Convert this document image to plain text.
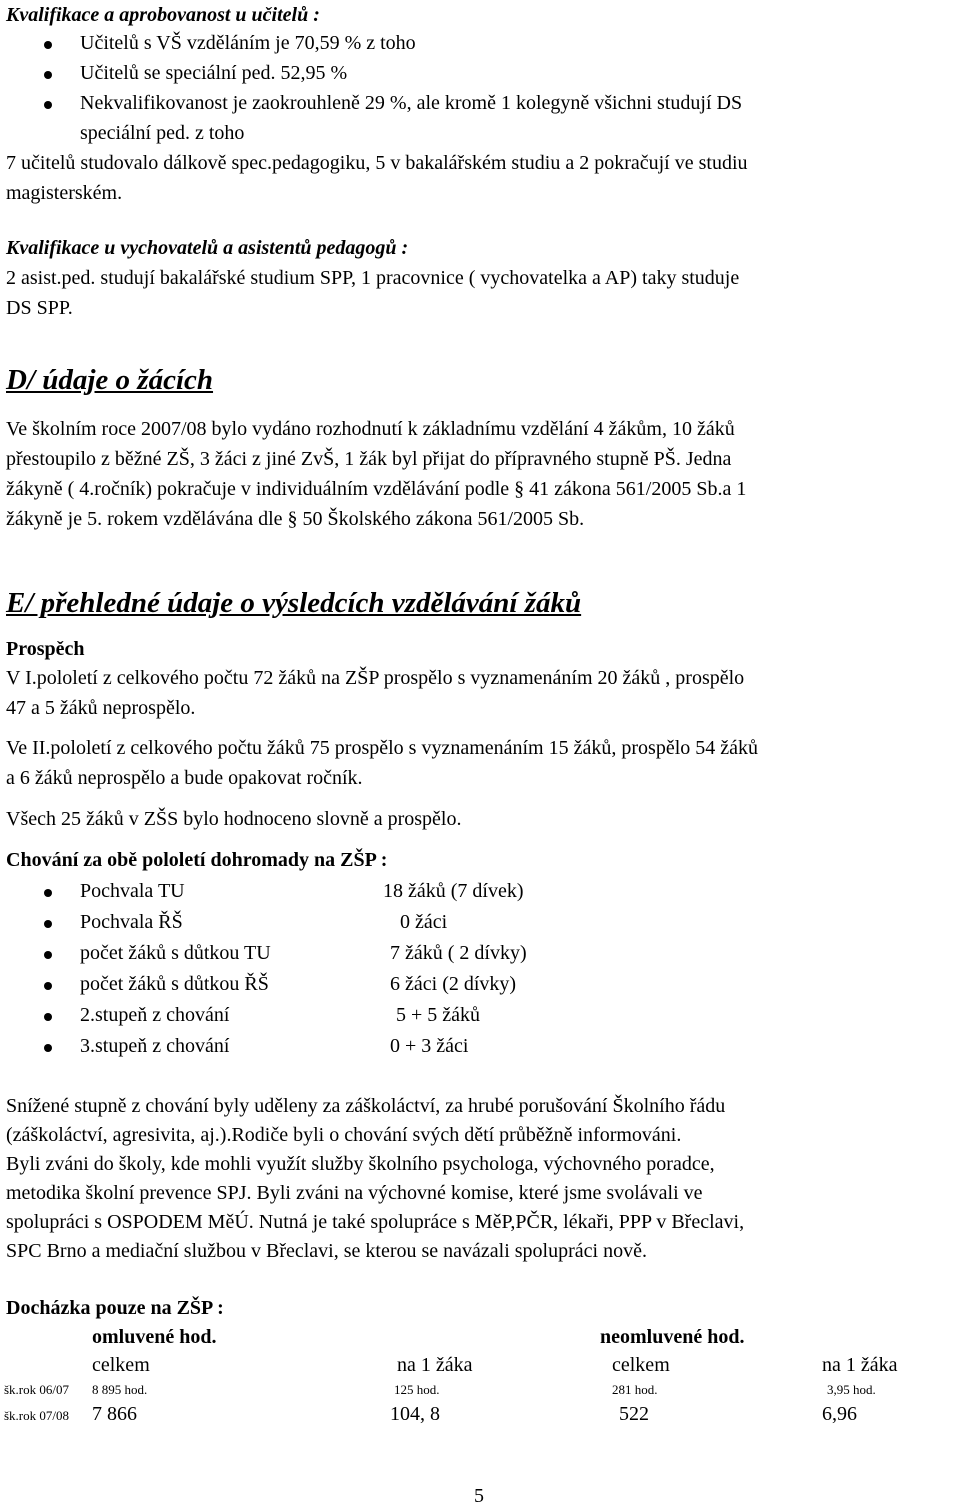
Kvalifikace a aprobovanost u učitelů :
Učitelů s VŠ vzděláním je 70,59 % z toho
Učitelů se speciální ped. 52,95 %
Nekvalifikovanost je zaokrouhleně 29 %, ale kromě 1 kolegyně všichni studují DS
speciální ped. z toho
7 učitelů studovalo dálkově spec.pedagogiku, 5 v bakalářském studiu a 2 pokračují ve studiu
magisterském.
Kvalifikace u vychovatelů a asistentů pedagogů :
2 asist.ped. studují bakalářské studium SPP, 1 pracovnice ( vychovatelka a AP) taky studuje
DS SPP.
D/ údaje o žácích
Ve školním roce 2007/08 bylo vydáno rozhodnutí k základnímu vzdělání 4 žákům, 10 žáků
přestoupilo z běžné ZŠ, 3 žáci z jiné ZvŠ, 1 žák byl přijat do přípravného stupně PŠ. Jedna
žákyně ( 4.ročník) pokračuje v individuálním vzdělávání podle § 41 zákona 561/2005 Sb.a 1
žákyně je 5. rokem vzdělávána dle § 50 Školského zákona 561/2005 Sb.
E/ přehledné údaje o výsledcích vzdělávání žáků
Prospěch
V I.pololetí z celkového počtu 72 žáků na ZŠP prospělo s vyznamenáním 20 žáků , prospělo
47 a 5 žáků neprospělo.
Ve II.pololetí z celkového počtu žáků 75 prospělo s vyznamenáním 15 žáků, prospělo 54 žáků
a 6 žáků neprospělo a bude opakovat ročník.
Všech 25 žáků v ZŠS bylo hodnoceno slovně a prospělo.
Chování za obě pololetí dohromady na ZŠP :
Pochvala TU	18 žáků (7 dívek)
Pochvala ŘŠ	0 žáci
počet žáků s důtkou TU	7 žáků ( 2 dívky)
počet žáků s důtkou ŘŠ	6 žáci (2 dívky)
2.stupeň z chování	5 + 5 žáků
3.stupeň z chování	0 + 3 žáci
Snížené stupně z chování byly uděleny za záškoláctví, za hrubé porušování Školního řádu
(záškoláctví, agresivita, aj.).Rodiče byli o chování svých dětí průběžně informováni.
Byli zváni do školy, kde mohli využít služby školního psychologa, výchovného poradce,
metodika školní prevence SPJ. Byli zváni na výchovné komise, které jsme svolávali ve
spolupráci s OSPODEM MěÚ. Nutná je také spolupráce s MěP,PČR, lékaři, PPP v Břeclavi,
SPC Brno a mediační službou v Břeclavi, se kterou se navázali spolupráci nově.
Docházka pouze na ZŠP :
omluvené hod.	neomluvené hod.
celkem	na 1 žáka	celkem	na 1 žáka
šk.rok 06/07 8 895 hod.	125 hod.	281 hod.	3,95 hod.
šk.rok 07/08 7 866	104, 8	522	6,96
5
